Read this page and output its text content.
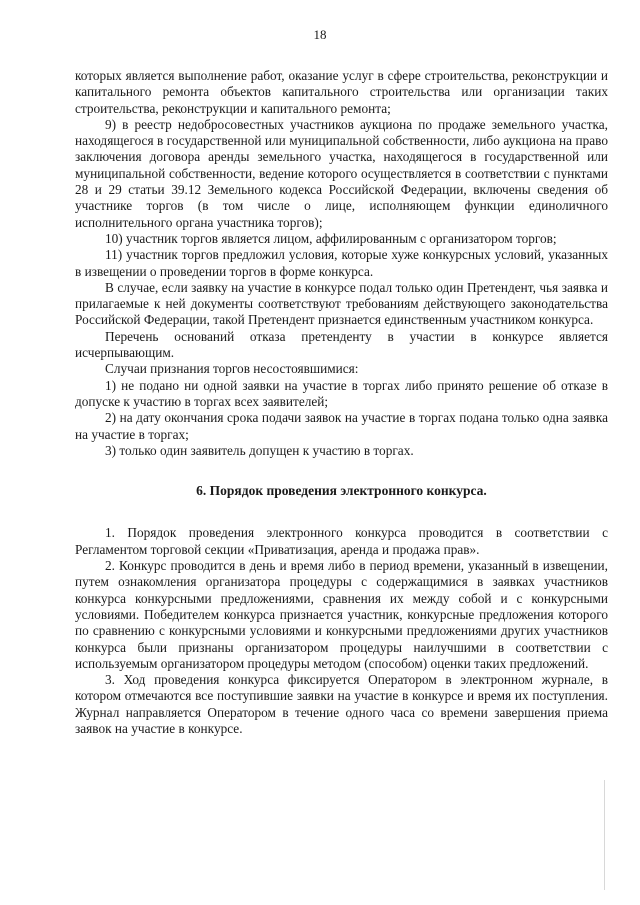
18

которых является выполнение работ, оказание услуг в сфере строительства, реконструкции и капитального ремонта объектов капитального строительства или организации таких строительства, реконструкции и капитального ремонта;

9) в реестр недобросовестных участников аукциона по продаже земельного участка, находящегося в государственной или муниципальной собственности, либо аукциона на право заключения договора аренды земельного участка, находящегося в государственной или муниципальной собственности, ведение которого осуществляется в соответствии с пунктами 28 и 29 статьи 39.12 Земельного кодекса Российской Федерации, включены сведения об участнике торгов (в том числе о лице, исполняющем функции единоличного исполнительного органа участника торгов);

10) участник торгов является лицом, аффилированным с организатором торгов;

11) участник торгов предложил условия, которые хуже конкурсных условий, указанных в извещении о проведении торгов в форме конкурса.

В случае, если заявку на участие в конкурсе подал только один Претендент, чья заявка и прилагаемые к ней документы соответствуют требованиям действующего законодательства Российской Федерации, такой Претендент признается единственным участником конкурса.

Перечень оснований отказа претенденту в участии в конкурсе является исчерпывающим.

Случаи признания торгов несостоявшимися:

1) не подано ни одной заявки на участие в торгах либо принято решение об отказе в допуске к участию в торгах всех заявителей;

2) на дату окончания срока подачи заявок на участие в торгах подана только одна заявка на участие в торгах;

3) только один заявитель допущен к участию в торгах.

6. Порядок проведения электронного конкурса.

1. Порядок проведения электронного конкурса проводится в соответствии с Регламентом торговой секции «Приватизация, аренда и продажа прав».

2. Конкурс проводится в день и время либо в период времени, указанный в извещении, путем ознакомления организатора процедуры с содержащимися в заявках участников конкурса конкурсными предложениями, сравнения их между собой и с конкурсными условиями. Победителем конкурса признается участник, конкурсные предложения которого по сравнению с конкурсными условиями и конкурсными предложениями других участников конкурса были признаны организатором процедуры наилучшими в соответствии с используемым организатором процедуры методом (способом) оценки таких предложений.

3. Ход проведения конкурса фиксируется Оператором в электронном журнале, в котором отмечаются все поступившие заявки на участие в конкурсе и время их поступления. Журнал направляется Оператором в течение одного часа со времени завершения приема заявок на участие в конкурсе.
